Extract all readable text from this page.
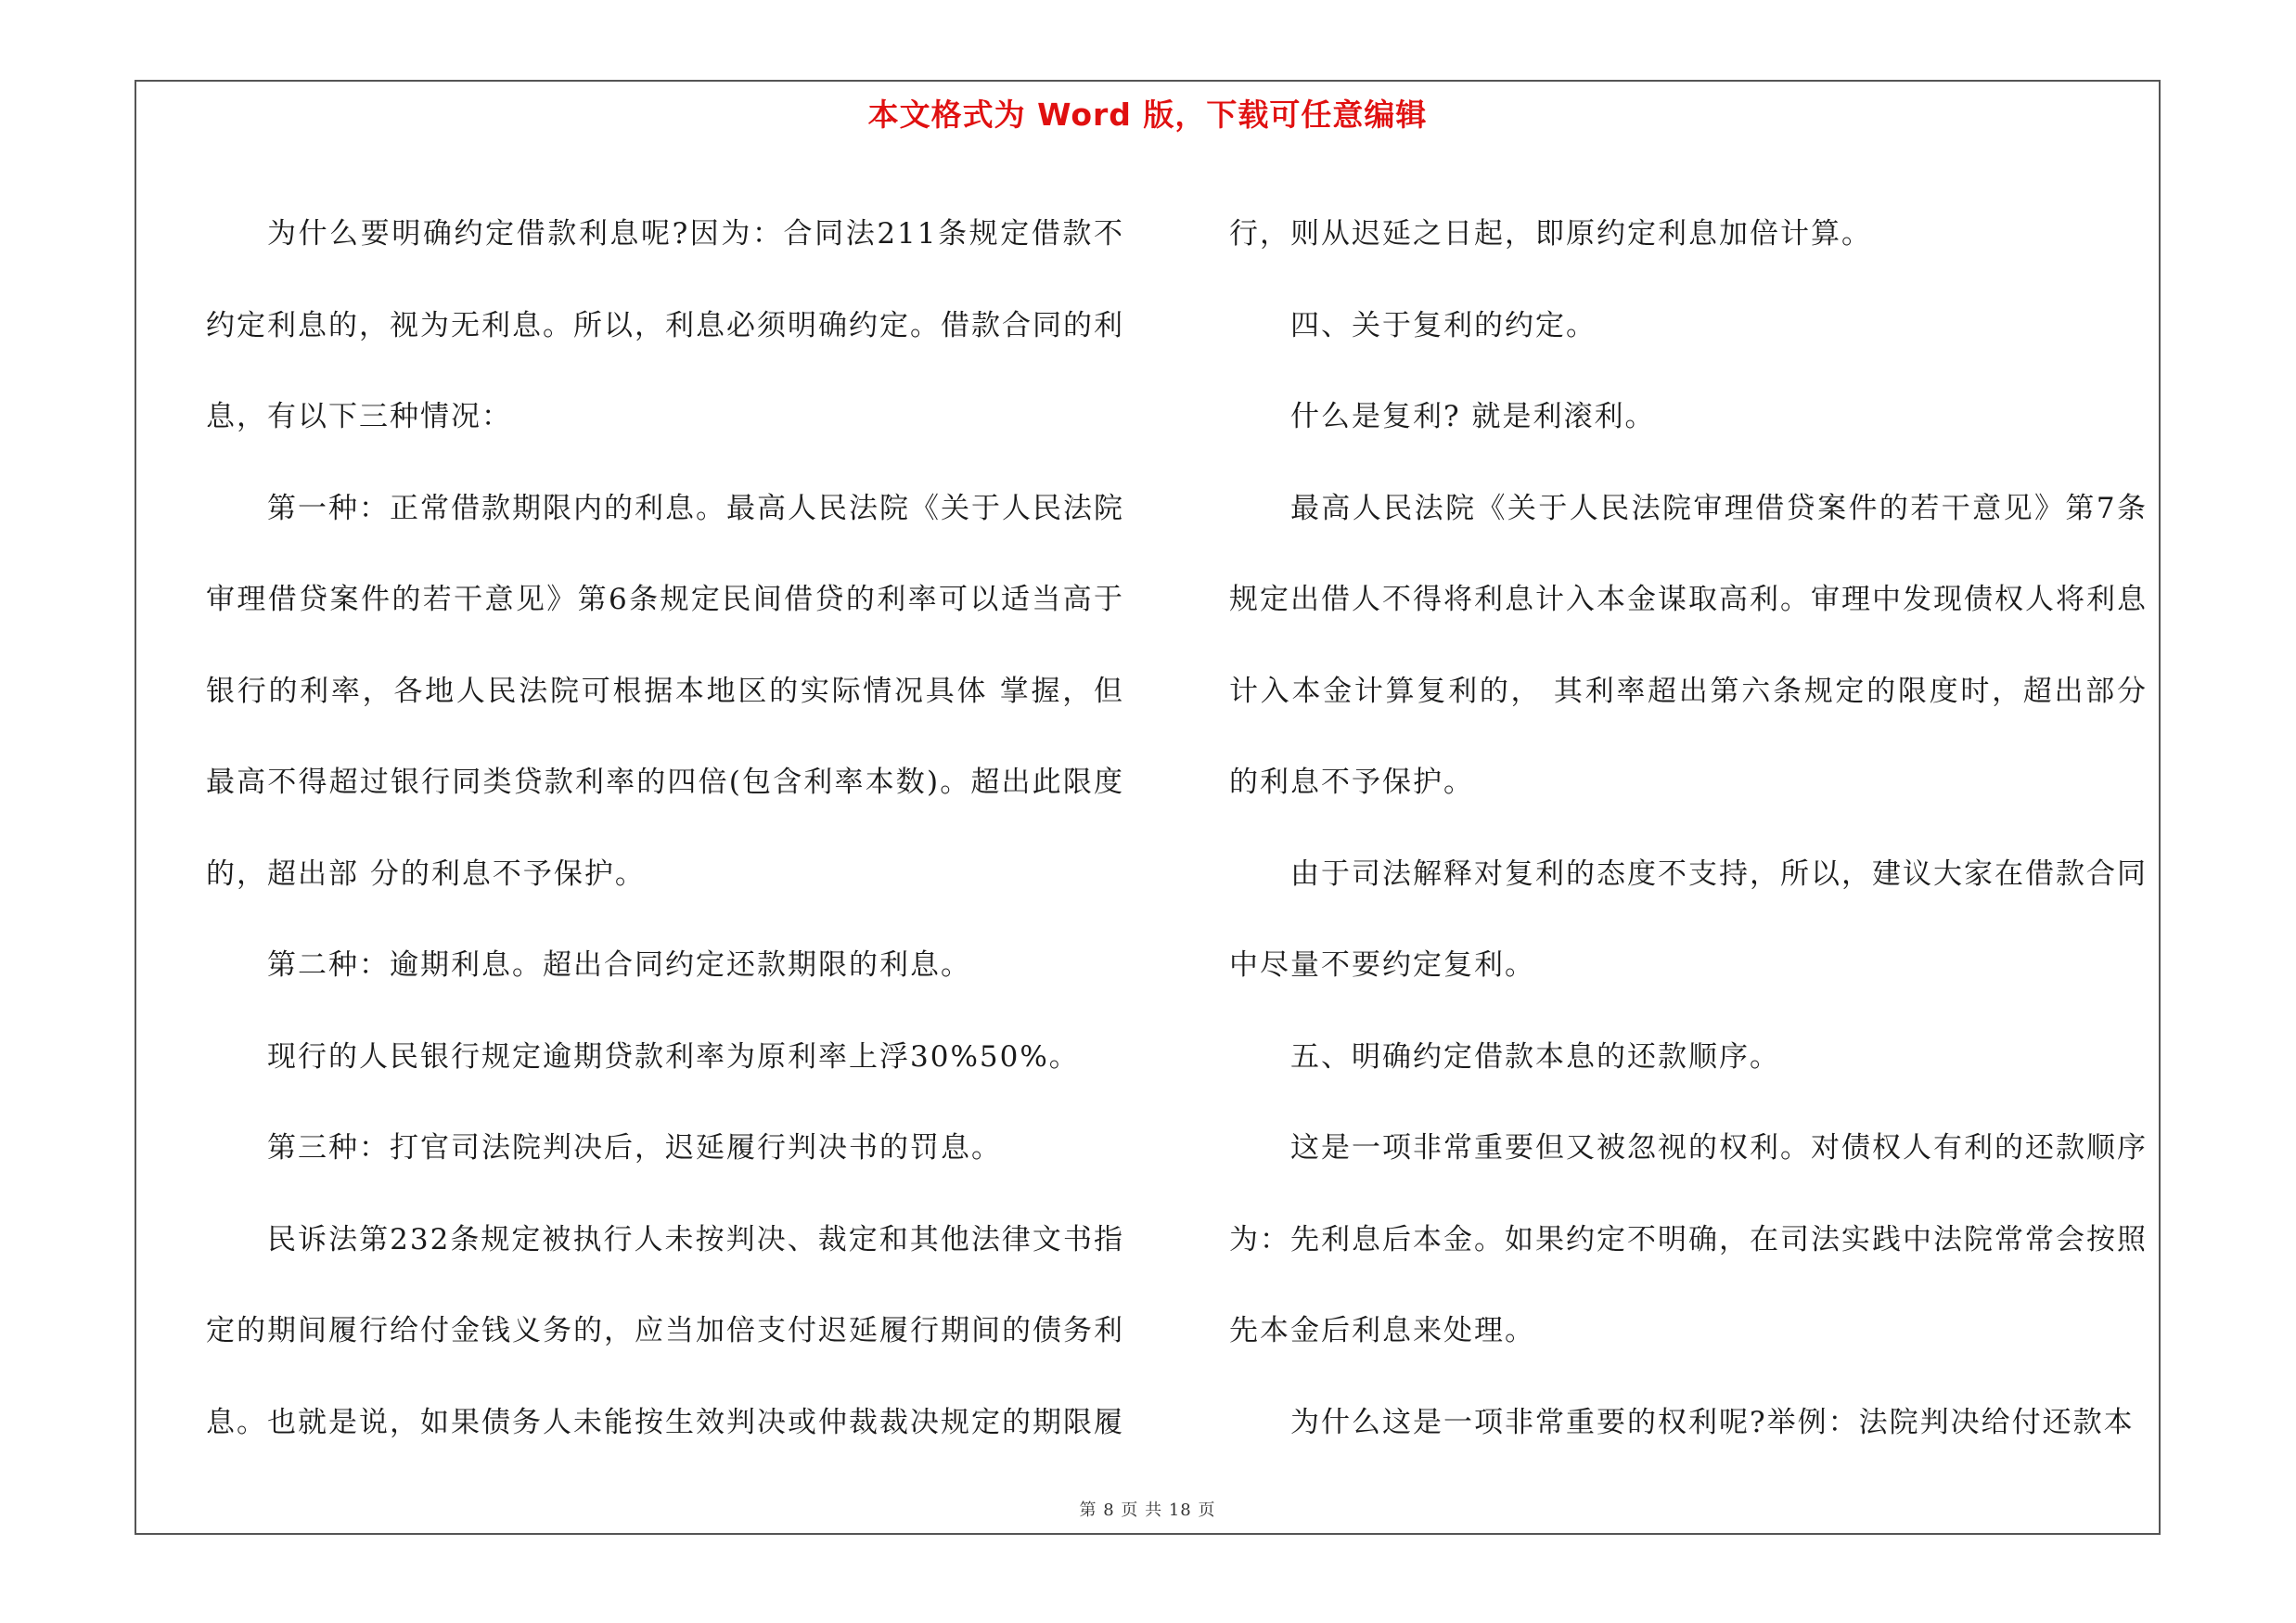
本文格式为 Word 版，下载可任意编辑

为什么要明确约定借款利息呢?因为：合同法211条规定借款不约定利息的，视为无利息。所以，利息必须明确约定。借款合同的利息，有以下三种情况：

第一种：正常借款期限内的利息。最高人民法院《关于人民法院审理借贷案件的若干意见》第6条规定民间借贷的利率可以适当高于银行的利率，各地人民法院可根据本地区的实际情况具体 掌握，但最高不得超过银行同类贷款利率的四倍(包含利率本数)。超出此限度的，超出部 分的利息不予保护。

第二种：逾期利息。超出合同约定还款期限的利息。

现行的人民银行规定逾期贷款利率为原利率上浮30%50%。

第三种：打官司法院判决后，迟延履行判决书的罚息。

民诉法第232条规定被执行人未按判决、裁定和其他法律文书指定的期间履行给付金钱义务的，应当加倍支付迟延履行期间的债务利息。也就是说，如果债务人未能按生效判决或仲裁裁决规定的期限履

行，则从迟延之日起，即原约定利息加倍计算。

四、关于复利的约定。

什么是复利? 就是利滚利。

最高人民法院《关于人民法院审理借贷案件的若干意见》第7条规定出借人不得将利息计入本金谋取高利。审理中发现债权人将利息计入本金计算复利的， 其利率超出第六条规定的限度时，超出部分的利息不予保护。

由于司法解释对复利的态度不支持，所以，建议大家在借款合同中尽量不要约定复利。

五、明确约定借款本息的还款顺序。

这是一项非常重要但又被忽视的权利。对债权人有利的还款顺序为：先利息后本金。如果约定不明确，在司法实践中法院常常会按照先本金后利息来处理。

为什么这是一项非常重要的权利呢?举例：法院判决给付还款本

第 8 页 共 18 页
